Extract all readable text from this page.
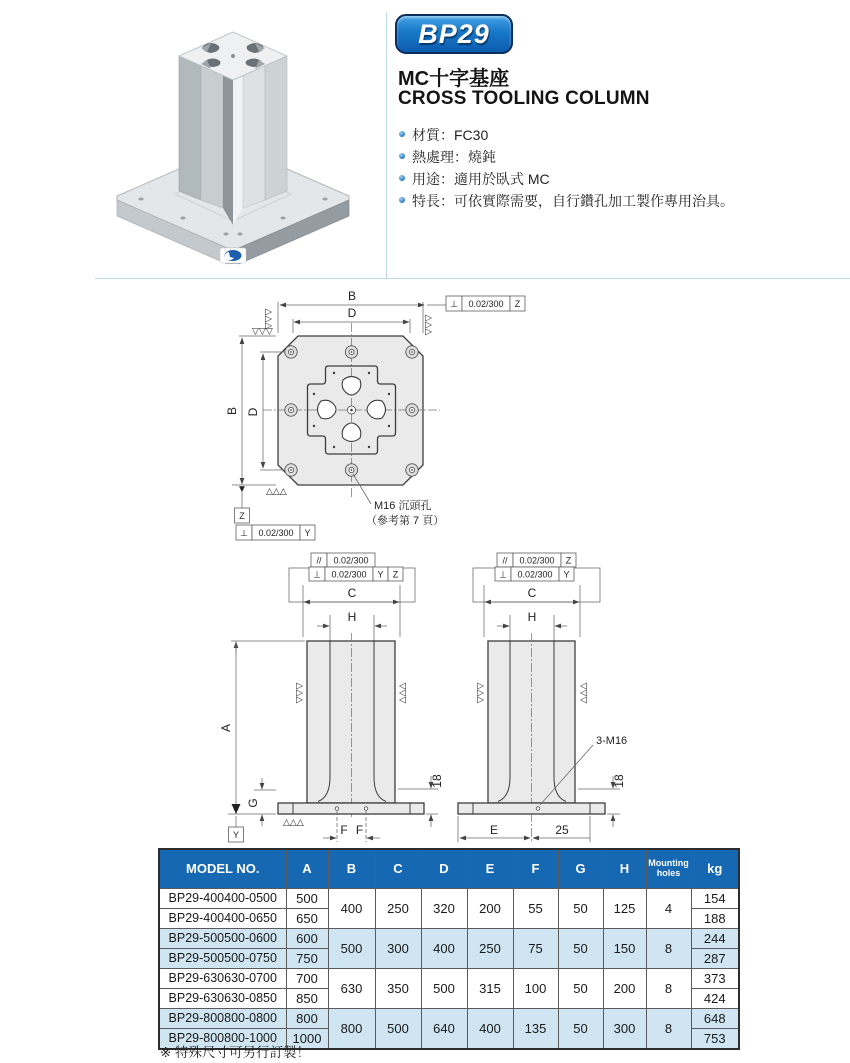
BP29
MC十字基座
CROSS TOOLING COLUMN
材質：FC30
熱處理：燒鈍
用途：適用於臥式 MC
特長：可依實際需要，自行鑽孔加工製作專用治具。
B
D
B D
⊥ 0.02/300 Z
▽▽▽
▽▽▽	▽▽▽
△△△
▼
Z
⊥ 0.02/300 Y
M16 沉頭孔
（參考第 7 頁）
// 0.02/300
⊥ 0.02/300 Y Z
C
H
A
G
18
F F
Y
△△△
▽▽▽	▽▽▽
// 0.02/300 Z
⊥ 0.02/300 Y
C
H
3-M16
18
E	25
▽▽▽	▽▽▽
MODEL NO.	A	B	C	D	E	F	G	H	Mounting
holes	kg
BP29-400400-0500	500	400	250	320	200	55	50	125	4	154
BP29-400400-0650	650									188
BP29-500500-0600	600	500	300	400	250	75	50	150	8	244
BP29-500500-0750	750									287
BP29-630630-0700	700	630	350	500	315	100	50	200	8	373
BP29-630630-0850	850									424
BP29-800800-0800	800	800	500	640	400	135	50	300	8	648
BP29-800800-1000	1000									753
※ 特殊尺寸可另行訂製！
